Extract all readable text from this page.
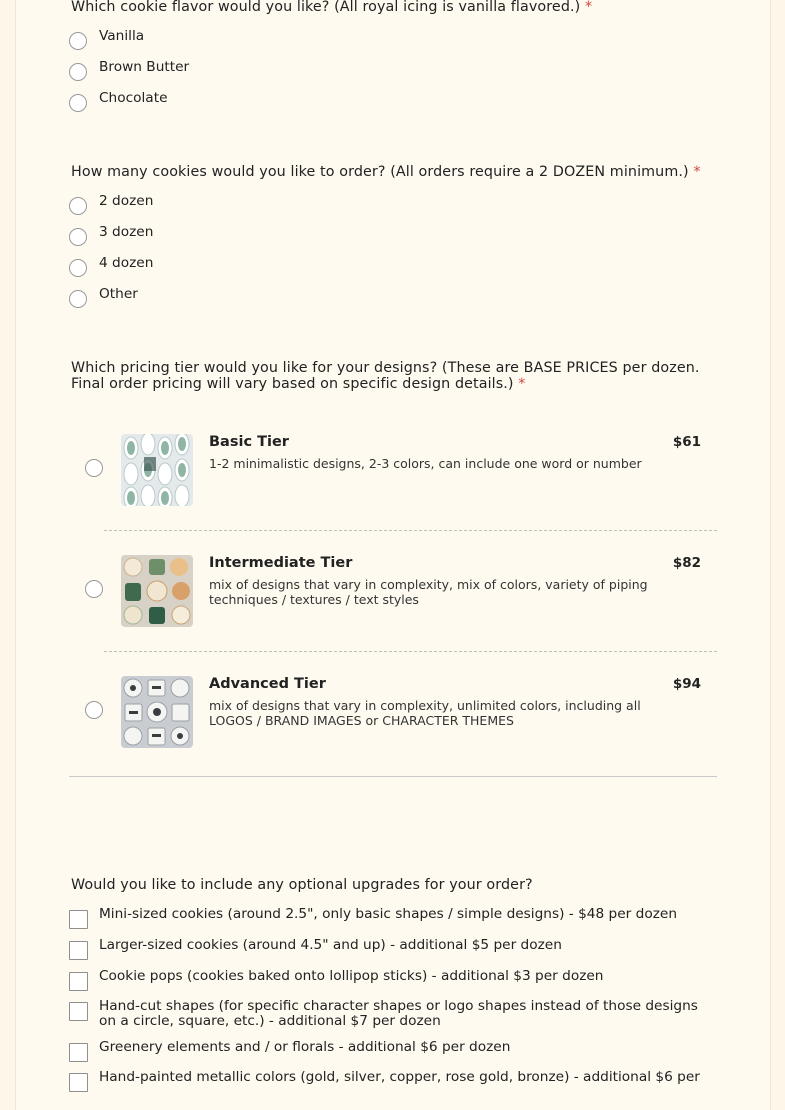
Which cookie flavor would you like? (All royal icing is vanilla flavored.) *
Vanilla
Brown Butter
Chocolate
How many cookies would you like to order? (All orders require a 2 DOZEN minimum.) *
2 dozen
3 dozen
4 dozen
Other
Which pricing tier would you like for your designs? (These are BASE PRICES per dozen. Final order pricing will vary based on specific design details.) *
Basic Tier	$61
1-2 minimalistic designs, 2-3 colors, can include one word or number
Intermediate Tier	$82
mix of designs that vary in complexity, mix of colors, variety of piping techniques / textures / text styles
Advanced Tier	$94
mix of designs that vary in complexity, unlimited colors, including all LOGOS / BRAND IMAGES or CHARACTER THEMES
Would you like to include any optional upgrades for your order?
Mini-sized cookies (around 2.5", only basic shapes / simple designs) - $48 per dozen
Larger-sized cookies (around 4.5" and up) - additional $5 per dozen
Cookie pops (cookies baked onto lollipop sticks) - additional $3 per dozen
Hand-cut shapes (for specific character shapes or logo shapes instead of those designs on a circle, square, etc.) - additional $7 per dozen
Greenery elements and / or florals - additional $6 per dozen
Hand-painted metallic colors (gold, silver, copper, rose gold, bronze) - additional $6 per
